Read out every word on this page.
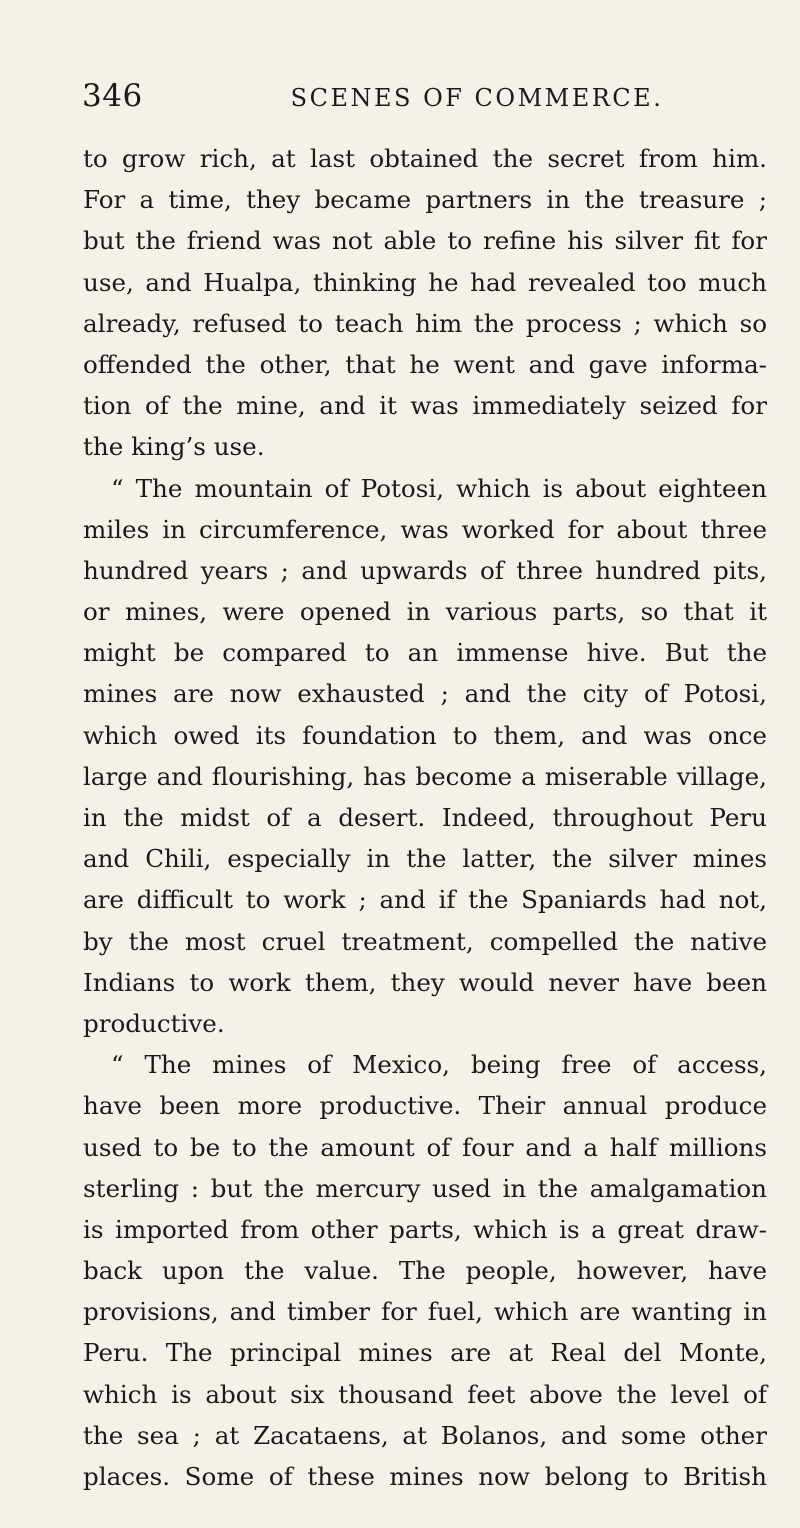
346	SCENES OF COMMERCE.
to grow rich, at last obtained the secret from him.
For a time, they became partners in the treasure ;
but the friend was not able to refine his silver fit for
use, and Hualpa, thinking he had revealed too much
already, refused to teach him the process ; which so
offended the other, that he went and gave informa-
tion of the mine, and it was immediately seized for
the king’s use.
“ The mountain of Potosi, which is about eighteen
miles in circumference, was worked for about three
hundred years ; and upwards of three hundred pits,
or mines, were opened in various parts, so that it
might be compared to an immense hive. But the
mines are now exhausted ; and the city of Potosi,
which owed its foundation to them, and was once
large and flourishing, has become a miserable village,
in the midst of a desert. Indeed, throughout Peru
and Chili, especially in the latter, the silver mines
are difficult to work ; and if the Spaniards had not,
by the most cruel treatment, compelled the native
Indians to work them, they would never have been
productive.
“ The mines of Mexico, being free of access,
have been more productive. Their annual produce
used to be to the amount of four and a half millions
sterling : but the mercury used in the amalgamation
is imported from other parts, which is a great draw-
back upon the value. The people, however, have
provisions, and timber for fuel, which are wanting in
Peru. The principal mines are at Real del Monte,
which is about six thousand feet above the level of
the sea ; at Zacataens, at Bolanos, and some other
places. Some of these mines now belong to British
